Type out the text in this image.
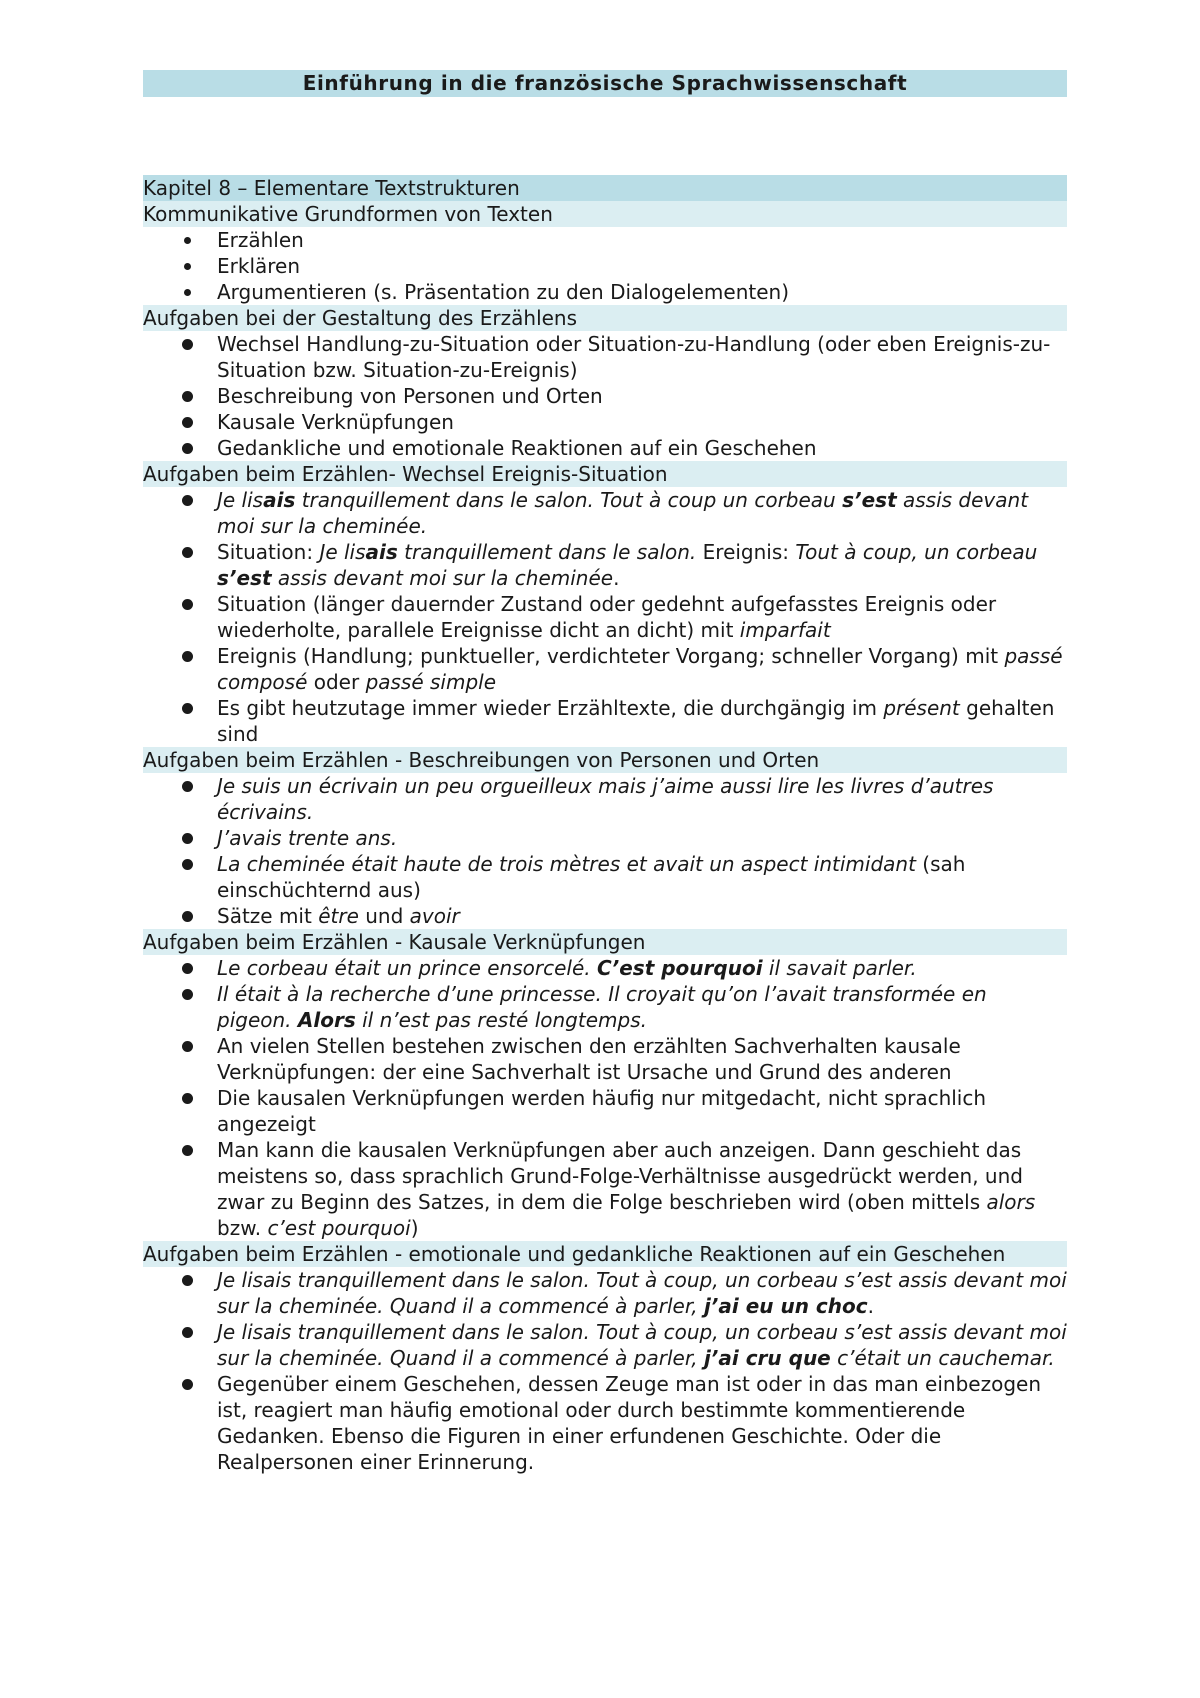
Einführung in die französische Sprachwissenschaft
Kapitel 8 – Elementare Textstrukturen
Kommunikative Grundformen von Texten
Erzählen
Erklären
Argumentieren (s. Präsentation zu den Dialogelementen)
Aufgaben bei der Gestaltung des Erzählens
Wechsel Handlung-zu-Situation oder Situation-zu-Handlung (oder eben Ereignis-zu-Situation bzw. Situation-zu-Ereignis)
Beschreibung von Personen und Orten
Kausale Verknüpfungen
Gedankliche und emotionale Reaktionen auf ein Geschehen
Aufgaben beim Erzählen- Wechsel Ereignis-Situation
Je lisais tranquillement dans le salon. Tout à coup un corbeau s’est assis devant moi sur la cheminée.
Situation: Je lisais tranquillement dans le salon. Ereignis: Tout à coup, un corbeau s’est assis devant moi sur la cheminée.
Situation (länger dauernder Zustand oder gedehnt aufgefasstes Ereignis oder wiederholte, parallele Ereignisse dicht an dicht) mit imparfait
Ereignis (Handlung; punktueller, verdichteter Vorgang; schneller Vorgang) mit passé composé oder passé simple
Es gibt heutzutage immer wieder Erzähltexte, die durchgängig im présent gehalten sind
Aufgaben beim Erzählen - Beschreibungen von Personen und Orten
Je suis un écrivain un peu orgueilleux mais j’aime aussi lire les livres d’autres écrivains.
J’avais trente ans.
La cheminée était haute de trois mètres et avait un aspect intimidant (sah einschüchternd aus)
Sätze mit être und avoir
Aufgaben beim Erzählen - Kausale Verknüpfungen
Le corbeau était un prince ensorcelé. C’est pourquoi il savait parler.
Il était à la recherche d’une princesse. Il croyait qu’on l’avait transformée en pigeon. Alors il n’est pas resté longtemps.
An vielen Stellen bestehen zwischen den erzählten Sachverhalten kausale Verknüpfungen: der eine Sachverhalt ist Ursache und Grund des anderen
Die kausalen Verknüpfungen werden häufig nur mitgedacht, nicht sprachlich angezeigt
Man kann die kausalen Verknüpfungen aber auch anzeigen. Dann geschieht das meistens so, dass sprachlich Grund-Folge-Verhältnisse ausgedrückt werden, und zwar zu Beginn des Satzes, in dem die Folge beschrieben wird (oben mittels alors bzw. c’est pourquoi)
Aufgaben beim Erzählen - emotionale und gedankliche Reaktionen auf ein Geschehen
Je lisais tranquillement dans le salon. Tout à coup, un corbeau s’est assis devant moi sur la cheminée. Quand il a commencé à parler, j’ai eu un choc.
Je lisais tranquillement dans le salon. Tout à coup, un corbeau s’est assis devant moi sur la cheminée. Quand il a commencé à parler, j’ai cru que c’était un cauchemar.
Gegenüber einem Geschehen, dessen Zeuge man ist oder in das man einbezogen ist, reagiert man häufig emotional oder durch bestimmte kommentierende Gedanken. Ebenso die Figuren in einer erfundenen Geschichte. Oder die Realpersonen einer Erinnerung.
